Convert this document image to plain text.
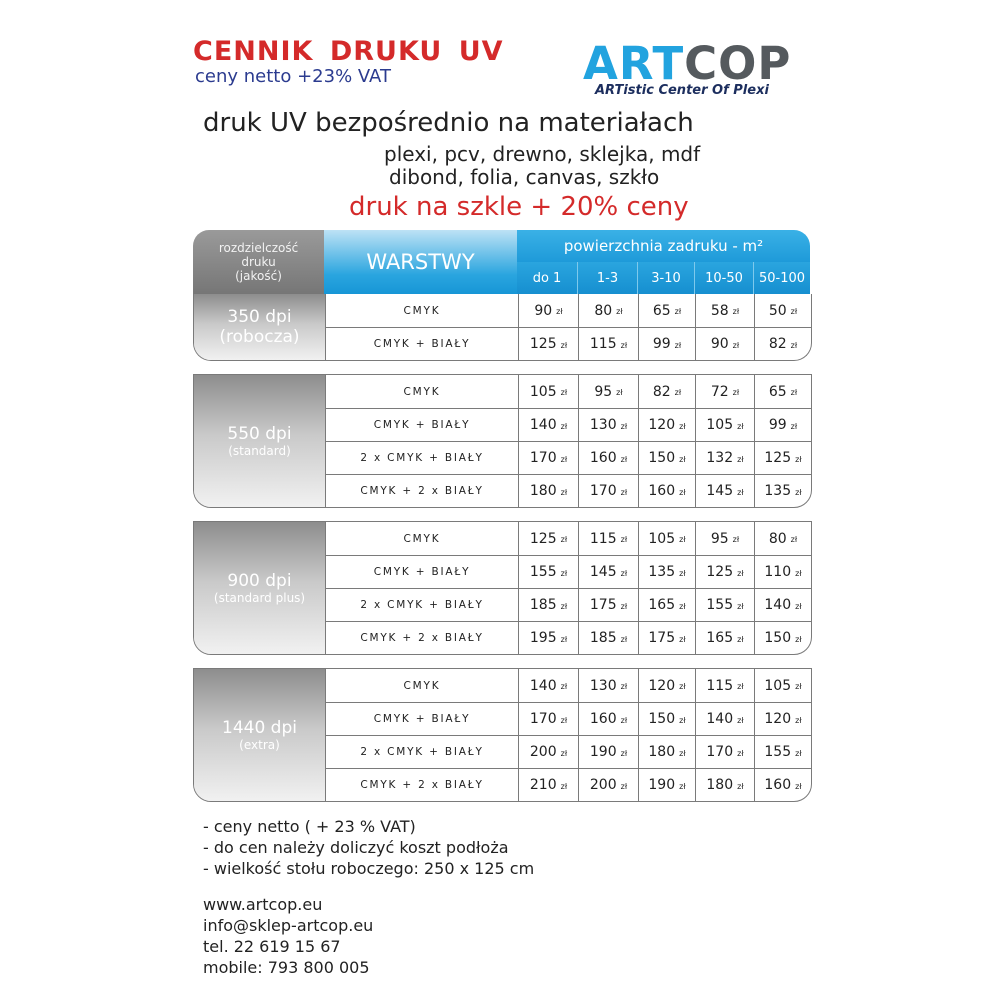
CENNIK DRUKU UV
ceny netto +23% VAT	ARTCOP
ARTistic Center Of Plexi
druk UV bezpośrednio na materiałach
plexi, pcv, drewno, sklejka, mdf
dibond, folia, canvas, szkło
druk na szkle + 20% ceny
rozdzielczość
druku
(jakość)
WARSTWY
powierzchnia zadruku - m²
do 1	1-3	3-10	10-50	50-100
350 dpi
(robocza)
CMYK	90 zł 80 zł 65 zł 58 zł 50 zł
CMYK + BIAŁY	125 zł 115 zł 99 zł 90 zł 82 zł
550 dpi
(standard)
CMYK	105 zł 95 zł 82 zł 72 zł 65 zł
CMYK + BIAŁY	140 zł 130 zł 120 zł 105 zł 99 zł
2 x CMYK + BIAŁY	170 zł 160 zł 150 zł 132 zł 125 zł
CMYK + 2 x BIAŁY	180 zł 170 zł 160 zł 145 zł 135 zł
900 dpi
(standard plus)
CMYK	125 zł 115 zł 105 zł 95 zł 80 zł
CMYK + BIAŁY	155 zł 145 zł 135 zł 125 zł 110 zł
2 x CMYK + BIAŁY	185 zł 175 zł 165 zł 155 zł 140 zł
CMYK + 2 x BIAŁY	195 zł 185 zł 175 zł 165 zł 150 zł
1440 dpi
(extra)
CMYK	140 zł 130 zł 120 zł 115 zł 105 zł
CMYK + BIAŁY	170 zł 160 zł 150 zł 140 zł 120 zł
2 x CMYK + BIAŁY	200 zł 190 zł 180 zł 170 zł 155 zł
CMYK + 2 x BIAŁY	210 zł 200 zł 190 zł 180 zł 160 zł
- ceny netto ( + 23 % VAT)
- do cen należy doliczyć koszt podłoża
- wielkość stołu roboczego: 250 x 125 cm
www.artcop.eu
info@sklep-artcop.eu
tel. 22 619 15 67
mobile: 793 800 005
